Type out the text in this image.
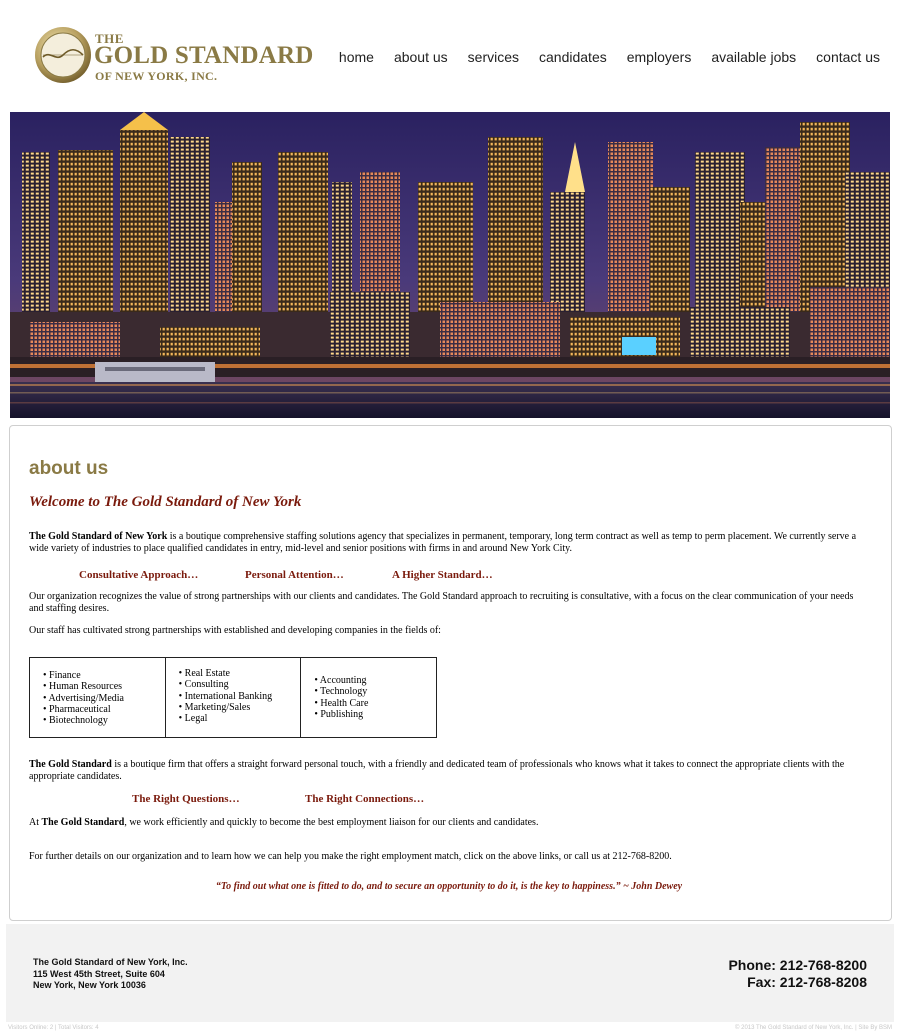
THE
GOLD STANDARD
OF NEW YORK, INC.
home about us services candidates employers available jobs contact us
about us
Welcome to The Gold Standard of New York
The Gold Standard of New York is a boutique comprehensive staffing solutions agency that specializes in permanent, temporary, long term contract as well as temp to perm placement. We currently serve a wide variety of industries to place qualified candidates in entry, mid-level and senior positions with firms in and around New York City.
Consultative Approach…	Personal Attention…	A Higher Standard…
Our organization recognizes the value of strong partnerships with our clients and candidates. The Gold Standard approach to recruiting is consultative, with a focus on the clear communication of your needs and staffing desires.
Our staff has cultivated strong partnerships with established and developing companies in the fields of:
• Finance
• Human Resources
• Advertising/Media
• Pharmaceutical
• Biotechnology
• Real Estate
• Consulting
• International Banking
• Marketing/Sales
• Legal
• Accounting
• Technology
• Health Care
• Publishing
The Gold Standard is a boutique firm that offers a straight forward personal touch, with a friendly and dedicated team of professionals who knows what it takes to connect the appropriate clients with the appropriate candidates.
The Right Questions…	The Right Connections…
At The Gold Standard, we work efficiently and quickly to become the best employment liaison for our clients and candidates.
For further details on our organization and to learn how we can help you make the right employment match, click on the above links, or call us at 212-768-8200.
“To find out what one is fitted to do, and to secure an opportunity to do it, is the key to happiness.” ~ John Dewey
The Gold Standard of New York, Inc.
115 West 45th Street, Suite 604
New York, New York 10036
Phone: 212-768-8200
Fax: 212-768-8208
Visitors Online: 2 | Total Visitors: 4	© 2013 The Gold Standard of New York, Inc. | Site By BSM
